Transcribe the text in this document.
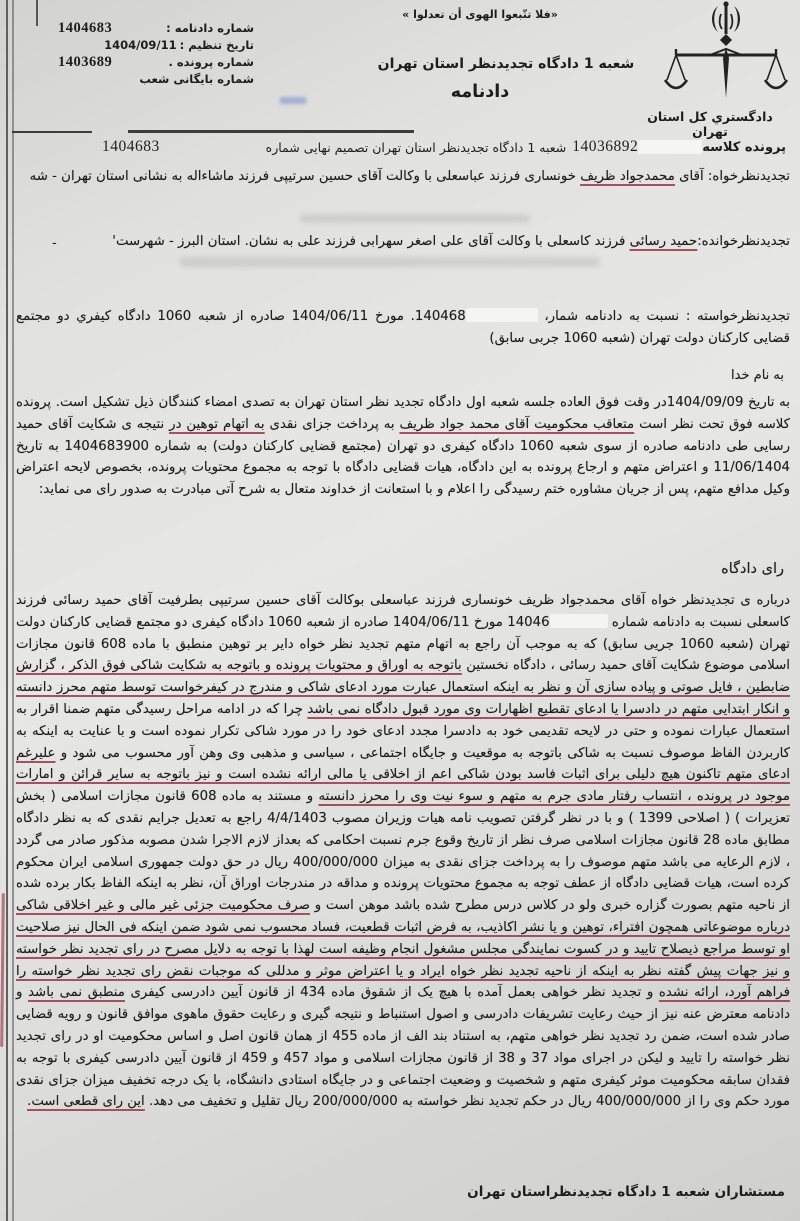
شماره دادنامه :
1404683
تاریخ تنظیم :
1404/09/11
شماره پرونده .
1403689
شماره بایگانی شعب
«فلا تتّبعوا الهوی أن تعدلوا »
شعبه 1 دادگاه تجدیدنظر استان تهران
دادنامه
دادگستري کل استان تهران
پرونده کلاسه
14036892
شعبه 1 دادگاه تجدیدنظر استان تهران تصمیم نهایی شماره
1404683
تجدیدنظرخواه: آقای محمدجواد ظریف خونساری فرزند عباسعلی با وکالت آقای حسین سرتیپی فرزند ماشاءاله به نشانی استان تهران - شه
تجدیدنظرخوانده:حمید رسائی فرزند کاسعلی با وکالت آقای علی اصغر سهرابی فرزند علی به نشان. استان البرز - شهرست'
-
تجدیدنظرخواسته : نسبت به دادنامه شمار، 140468. مورخ 1404/06/11 صادره از شعبه 1060 دادگاه کیفري دو مجتمع قضایی کارکنان دولت تهران (شعبه 1060 جربی سابق)
به نام خدا
به تاریخ 1404/09/09در وقت فوق العاده جلسه شعبه اول دادگاه تجدید نظر استان تهران به تصدی امضاء کنندگان ذیل تشکیل است. پرونده کلاسه فوق تحت نظر است متعاقب محکومیت آقای محمد جواد ظریف به پرداخت جزای نقدی به اتهام توهین در نتیجه ی شکایت آقای حمید رسایی طی دادنامه صادره از سوی شعبه 1060 دادگاه کیفری دو تهران (مجتمع قضایی کارکنان دولت) به شماره 1404683900 به تاریخ 11/06/1404 و اعتراض متهم و ارجاع پرونده به این دادگاه، هیات قضایی دادگاه با توجه به مجموع محتویات پرونده، بخصوص لایحه اعتراض وکیل مدافع متهم، پس از جریان مشاوره ختم رسیدگی را اعلام و با استعانت از خداوند متعال به شرح آتی مبادرت به صدور رای می نماید:
رای دادگاه
درباره ی تجدیدنظر خواه آقای محمدجواد ظریف خونساری فرزند عباسعلی بوکالت آقای حسین سرتیپی بطرفیت آقای حمید رسائی فرزند کاسعلی نسبت به دادنامه شماره 14046 مورخ 1404/06/11 صادره از شعبه 1060 دادگاه کیفری دو مجتمع قضایی کارکنان دولت تهران (شعبه 1060 جریی سابق) که به موجب آن راجع به اتهام متهم تجدید نظر خواه دایر بر توهین منطبق با ماده 608 قانون مجازات اسلامی موضوع شکایت آقای حمید رسائی ، دادگاه نخستین باتوجه به اوراق و محتویات پرونده و باتوجه به شکایت شاکی فوق الذکر ، گزارش ضابطین ، فایل صوتی و پیاده سازی آن و نظر به اینکه استعمال عبارت مورد ادعای شاکی و مندرج در کیفرخواست توسط متهم محرز دانسته و انکار ابتدایی متهم در دادسرا یا ادعای تقطیع اظهارات وی مورد قبول دادگاه نمی باشد چرا که در ادامه مراحل رسیدگی متهم ضمنا اقرار به استعمال عبارات نموده و حتی در لایحه تقدیمی خود به دادسرا مجدد ادعای خود را در مورد شاکی تکرار نموده است و با عنایت به اینکه به کاربردن الفاظ موصوف نسبت به شاکی باتوجه به موقعیت و جایگاه اجتماعی ، سیاسی و مذهبی وی وهن آور محسوب می شود و علیرغم ادعای متهم تاکنون هیچ دلیلی برای اثبات فاسد بودن شاکی اعم از اخلاقی یا مالی ارائه نشده است و نیز باتوجه به سایر قرائن و امارات موجود در پرونده ، انتساب رفتار مادی جرم به متهم و سوء نیت وی را محرز دانسته و مستند به ماده 608 قانون مجازات اسلامی ( بخش تعزیرات ) ( اصلاحی 1399 ) و با در نظر گرفتن تصویب نامه هیات وزیران مصوب 4/4/1403 راجع به تعدیل جرایم نقدی که به نظر دادگاه مطابق ماده 28 قانون مجازات اسلامی صرف نظر از تاریخ وقوع جرم نسبت احکامی که بعداز لازم الاجرا شدن مصوبه مذکور صادر می گردد ، لازم الرعایه می باشد متهم موصوف را به پرداخت جزای نقدی به میزان 400/000/000 ریال در حق دولت جمهوری اسلامی ایران محکوم کرده است، هیات قضایی دادگاه از عطف توجه به مجموع محتویات پرونده و مداقه در مندرجات اوراق آن، نظر به اینکه الفاظ بکار برده شده از ناحیه متهم بصورت گزاره خبری ولو در کلاس درس مطرح شده باشد موهن است و صرف محکومیت جزئی غیر مالی و غیر اخلاقی شاکی درباره موضوعاتی همچون افتراء، توهین و یا نشر اکاذیب، به فرض اثبات قطعیت، فساد محسوب نمی شود ضمن اینکه فی الحال نیز صلاحیت او توسط مراجع ذیصلاح تایید و در کسوت نمایندگی مجلس مشغول انجام وظیفه است لهذا با توجه به دلایل مصرح در رای تجدید نظر خواسته و نیز جهات پیش گفته نظر به اینکه از ناحیه تجدید نظر خواه ایراد و یا اعتراض موثر و مدللی که موجبات نقض رای تجدید نظر خواسته را فراهم آورد، ارائه نشده و تجدید نظر خواهی بعمل آمده با هیچ یک از شقوق ماده 434 از قانون آیین دادرسی کیفری منطبق نمی باشد و دادنامه معترض عنه نیز از حیث رعایت تشریفات دادرسی و اصول استنباط و نتیجه گیری و رعایت حقوق ماهوی موافق قانون و رویه قضایی صادر شده است، ضمن رد تجدید نظر خواهی متهم، به استناد بند الف از ماده 455 از همان قانون اصل و اساس محکومیت او در رای تجدید نظر خواسته را تایید و لیکن در اجرای مواد 37 و 38 از قانون مجازات اسلامی و مواد 457 و 459 از قانون آیین دادرسی کیفری با توجه به فقدان سابقه محکومیت موثر کیفری متهم و شخصیت و وضعیت اجتماعی و در جایگاه استادی دانشگاه، با یک درجه تخفیف میزان جزای نقدی مورد حکم وی را از 400/000/000 ریال در حکم تجدید نظر خواسته به 200/000/000 ریال تقلیل و تخفیف می دهد. این رای قطعی است.
مستشاران شعبه 1 دادگاه تجدیدنظراستان تهران
